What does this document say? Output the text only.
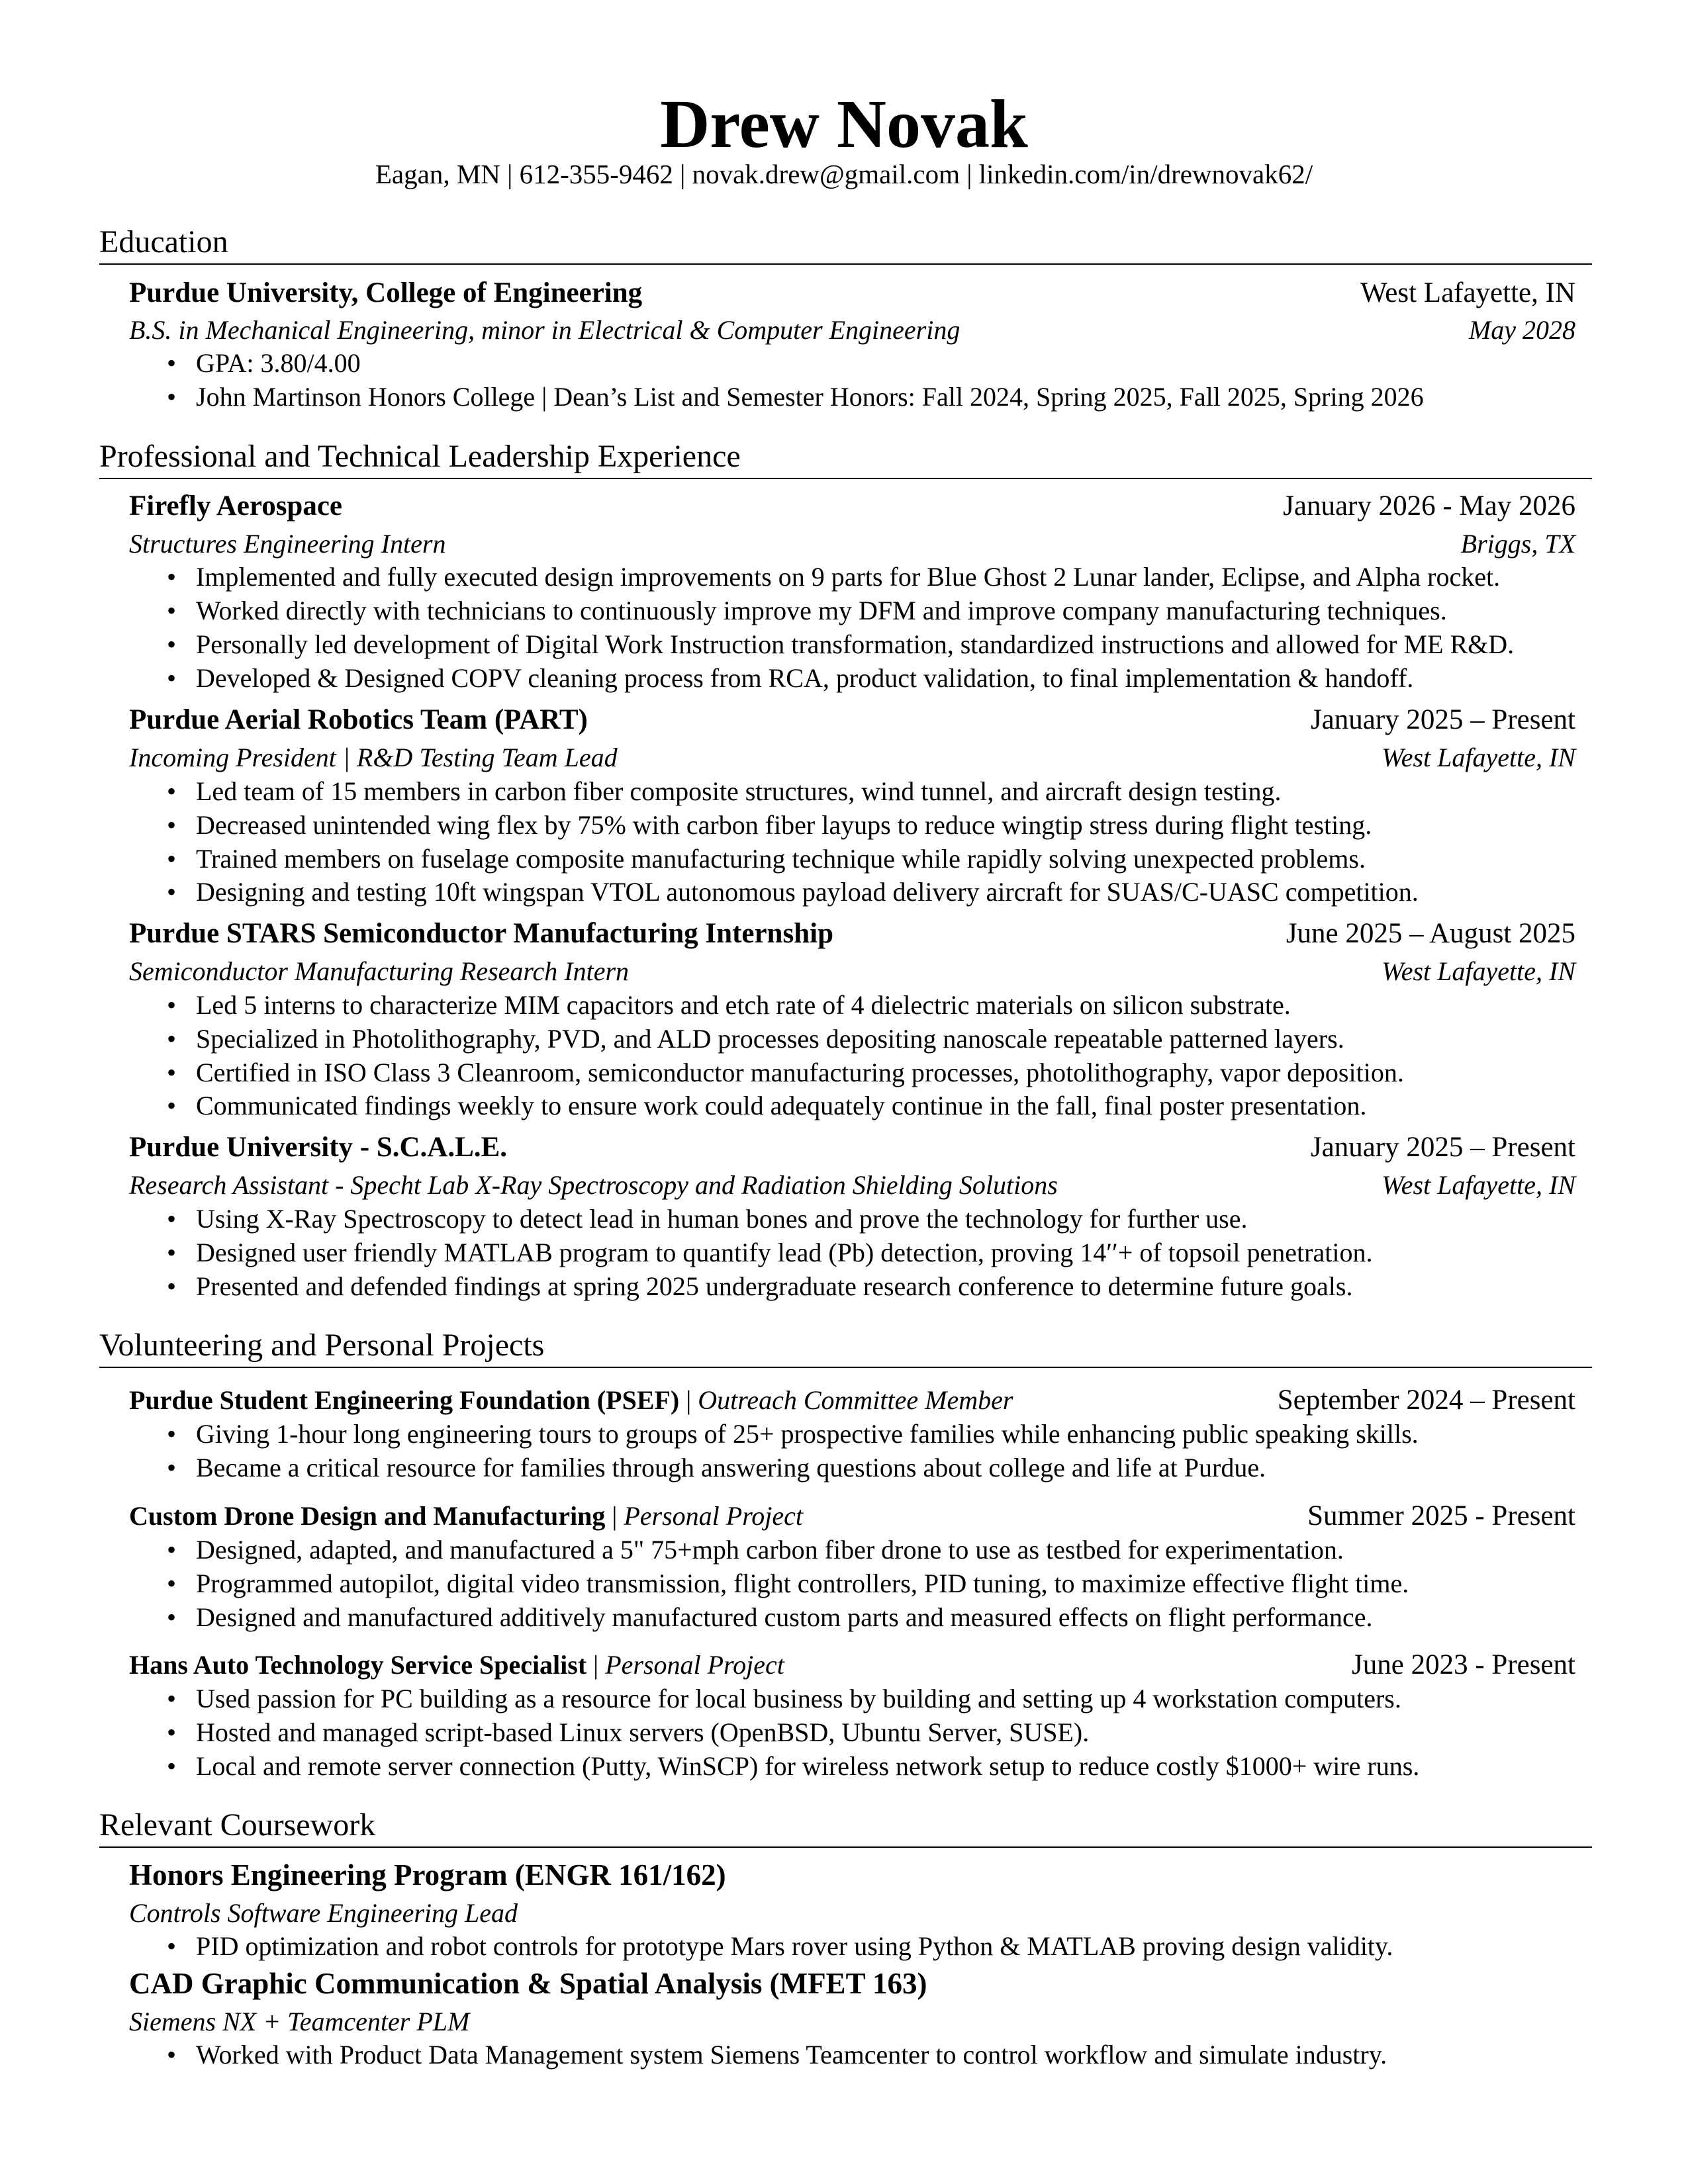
Drew Novak
Eagan, MN | 612-355-9462 | novak.drew@gmail.com | linkedin.com/in/drewnovak62/
Education
Purdue University, College of Engineering	West Lafayette, IN
B.S. in Mechanical Engineering, minor in Electrical & Computer Engineering	May 2028
• GPA: 3.80/4.00
• John Martinson Honors College | Dean’s List and Semester Honors: Fall 2024, Spring 2025, Fall 2025, Spring 2026
Professional and Technical Leadership Experience
Firefly Aerospace	January 2026 - May 2026
Structures Engineering Intern	Briggs, TX
• Implemented and fully executed design improvements on 9 parts for Blue Ghost 2 Lunar lander, Eclipse, and Alpha rocket.
• Worked directly with technicians to continuously improve my DFM and improve company manufacturing techniques.
• Personally led development of Digital Work Instruction transformation, standardized instructions and allowed for ME R&D.
• Developed & Designed COPV cleaning process from RCA, product validation, to final implementation & handoff.
Purdue Aerial Robotics Team (PART)	January 2025 – Present
Incoming President | R&D Testing Team Lead	West Lafayette, IN
• Led team of 15 members in carbon fiber composite structures, wind tunnel, and aircraft design testing.
• Decreased unintended wing flex by 75% with carbon fiber layups to reduce wingtip stress during flight testing.
• Trained members on fuselage composite manufacturing technique while rapidly solving unexpected problems.
• Designing and testing 10ft wingspan VTOL autonomous payload delivery aircraft for SUAS/C-UASC competition.
Purdue STARS Semiconductor Manufacturing Internship	June 2025 – August 2025
Semiconductor Manufacturing Research Intern	West Lafayette, IN
• Led 5 interns to characterize MIM capacitors and etch rate of 4 dielectric materials on silicon substrate.
• Specialized in Photolithography, PVD, and ALD processes depositing nanoscale repeatable patterned layers.
• Certified in ISO Class 3 Cleanroom, semiconductor manufacturing processes, photolithography, vapor deposition.
• Communicated findings weekly to ensure work could adequately continue in the fall, final poster presentation.
Purdue University - S.C.A.L.E.	January 2025 – Present
Research Assistant - Specht Lab X-Ray Spectroscopy and Radiation Shielding Solutions	West Lafayette, IN
• Using X-Ray Spectroscopy to detect lead in human bones and prove the technology for further use.
• Designed user friendly MATLAB program to quantify lead (Pb) detection, proving 14′′+ of topsoil penetration.
• Presented and defended findings at spring 2025 undergraduate research conference to determine future goals.
Volunteering and Personal Projects
Purdue Student Engineering Foundation (PSEF) | Outreach Committee Member	September 2024 – Present
• Giving 1-hour long engineering tours to groups of 25+ prospective families while enhancing public speaking skills.
• Became a critical resource for families through answering questions about college and life at Purdue.
Custom Drone Design and Manufacturing | Personal Project	Summer 2025 - Present
• Designed, adapted, and manufactured a 5" 75+mph carbon fiber drone to use as testbed for experimentation.
• Programmed autopilot, digital video transmission, flight controllers, PID tuning, to maximize effective flight time.
• Designed and manufactured additively manufactured custom parts and measured effects on flight performance.
Hans Auto Technology Service Specialist | Personal Project	June 2023 - Present
• Used passion for PC building as a resource for local business by building and setting up 4 workstation computers.
• Hosted and managed script-based Linux servers (OpenBSD, Ubuntu Server, SUSE).
• Local and remote server connection (Putty, WinSCP) for wireless network setup to reduce costly $1000+ wire runs.
Relevant Coursework
Honors Engineering Program (ENGR 161/162)
Controls Software Engineering Lead
• PID optimization and robot controls for prototype Mars rover using Python & MATLAB proving design validity.
CAD Graphic Communication & Spatial Analysis (MFET 163)
Siemens NX + Teamcenter PLM
• Worked with Product Data Management system Siemens Teamcenter to control workflow and simulate industry.
